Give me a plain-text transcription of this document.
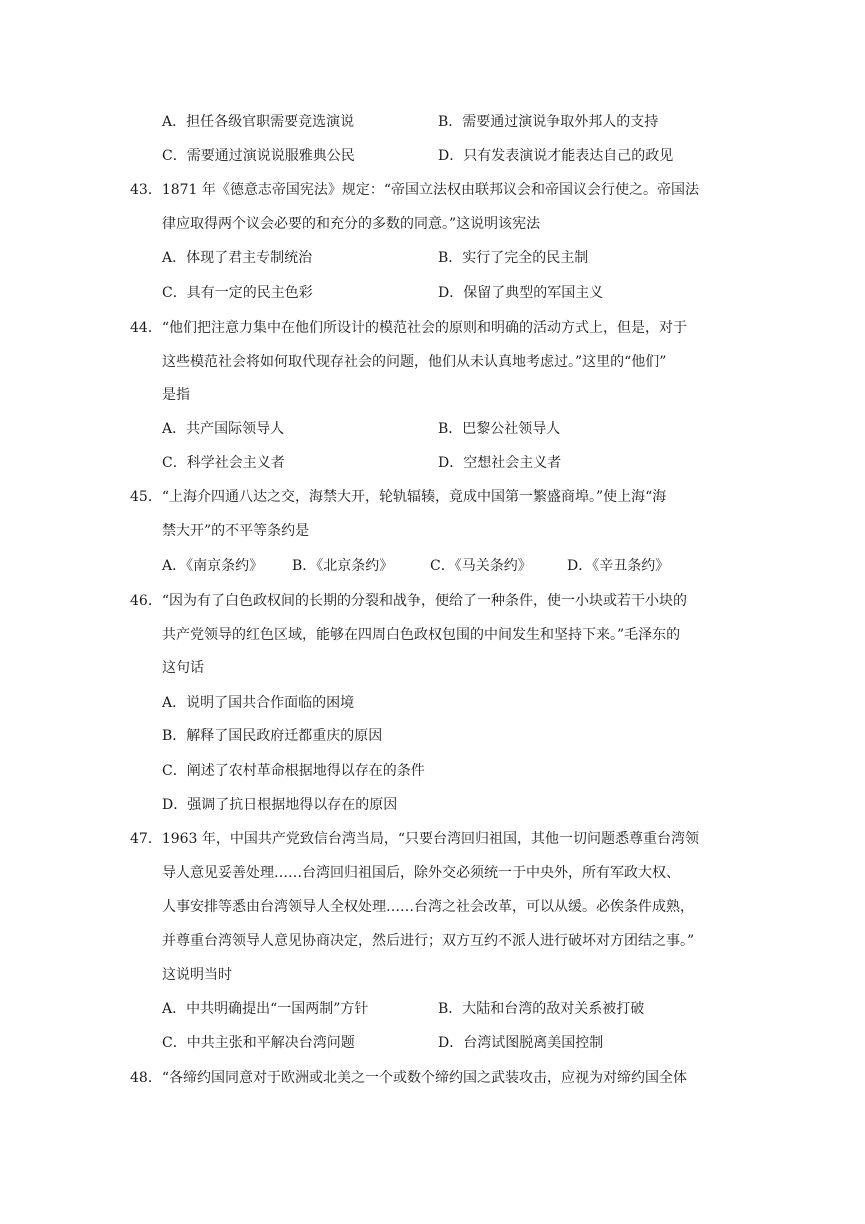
A．担任各级官职需要竞选演说	B．需要通过演说争取外邦人的支持
C．需要通过演说说服雅典公民	D．只有发表演说才能表达自己的政见
43．1871 年《德意志帝国宪法》规定：“帝国立法权由联邦议会和帝国议会行使之。帝国法
律应取得两个议会必要的和充分的多数的同意。”这说明该宪法
A．体现了君主专制统治	B．实行了完全的民主制
C．具有一定的民主色彩	D．保留了典型的军国主义
44．“他们把注意力集中在他们所设计的模范社会的原则和明确的活动方式上，但是，对于
这些模范社会将如何取代现存社会的问题，他们从未认真地考虑过。”这里的“他们”
是指
A．共产国际领导人	B．巴黎公社领导人
C．科学社会主义者	D．空想社会主义者
45．“上海介四通八达之交，海禁大开，轮轨辐辏，竟成中国第一繁盛商埠。”使上海“海
禁大开”的不平等条约是
A．《南京条约》 B．《北京条约》	C．《马关条约》	D．《辛丑条约》
46．“因为有了白色政权间的长期的分裂和战争，便给了一种条件，使一小块或若干小块的
共产党领导的红色区域，能够在四周白色政权包围的中间发生和坚持下来。”毛泽东的
这句话
A．说明了国共合作面临的困境
B．解释了国民政府迁都重庆的原因
C．阐述了农村革命根据地得以存在的条件
D．强调了抗日根据地得以存在的原因
47．1963 年，中国共产党致信台湾当局，“只要台湾回归祖国，其他一切问题悉尊重台湾领
导人意见妥善处理……台湾回归祖国后，除外交必须统一于中央外，所有军政大权、
人事安排等悉由台湾领导人全权处理……台湾之社会改革，可以从缓。必俟条件成熟，
并尊重台湾领导人意见协商决定，然后进行；双方互约不派人进行破坏对方团结之事。”
这说明当时
A．中共明确提出“一国两制”方针	B．大陆和台湾的敌对关系被打破
C．中共主张和平解决台湾问题	D．台湾试图脱离美国控制
48．“各缔约国同意对于欧洲或北美之一个或数个缔约国之武装攻击，应视为对缔约国全体
